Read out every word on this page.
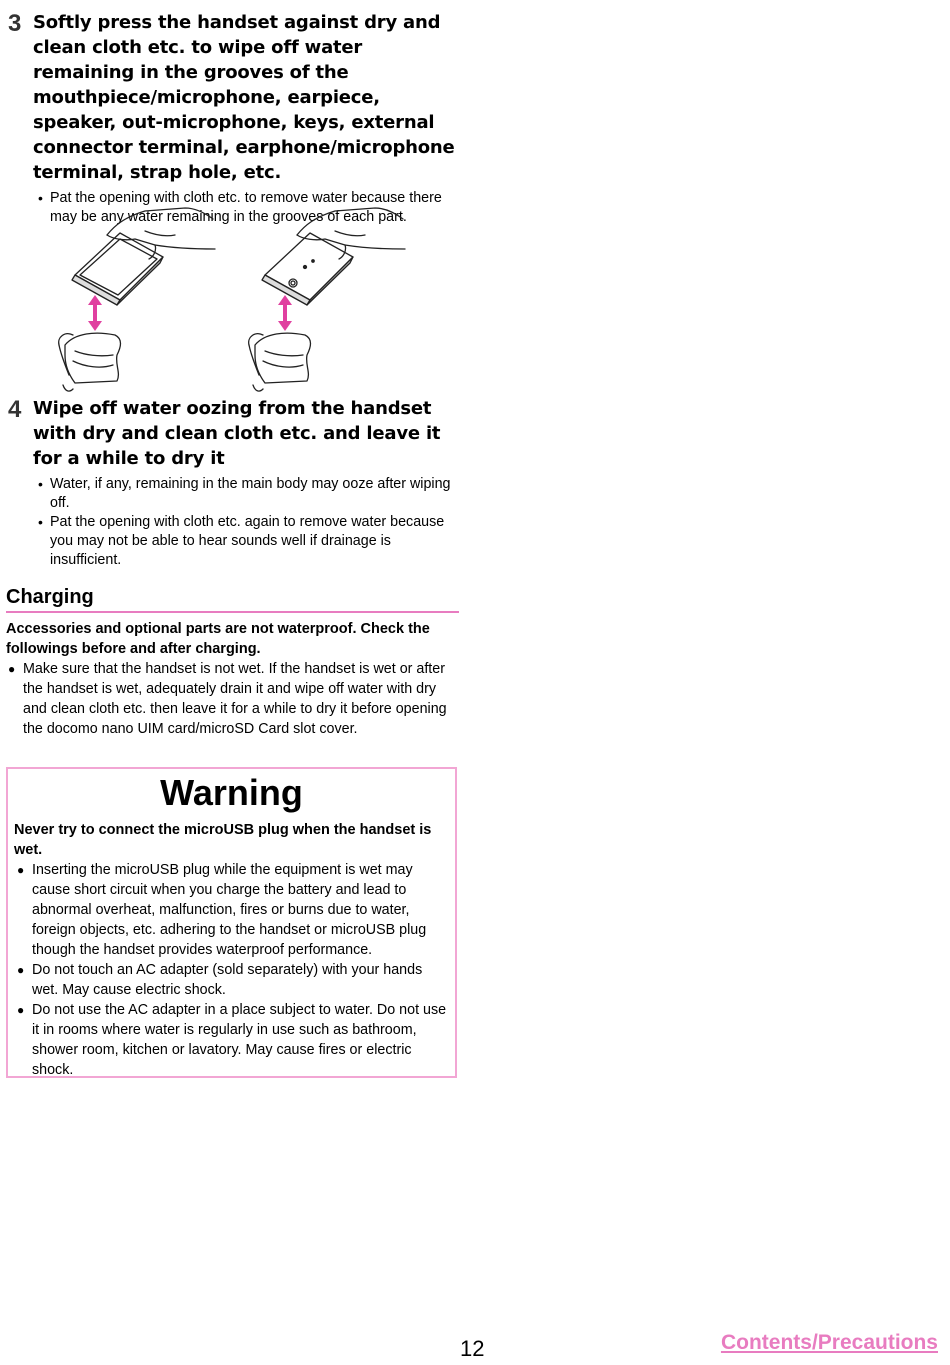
3 Softly press the handset against dry and clean cloth etc. to wipe off water remaining in the grooves of the mouthpiece/microphone, earpiece, speaker, out-microphone, keys, external connector terminal, earphone/microphone terminal, strap hole, etc.
• Pat the opening with cloth etc. to remove water because there may be any water remaining in the grooves of each part.
4 Wipe off water oozing from the handset with dry and clean cloth etc. and leave it for a while to dry it
• Water, if any, remaining in the main body may ooze after wiping off.
• Pat the opening with cloth etc. again to remove water because you may not be able to hear sounds well if drainage is insufficient.
Charging
Accessories and optional parts are not waterproof. Check the followings before and after charging.
● Make sure that the handset is not wet. If the handset is wet or after the handset is wet, adequately drain it and wipe off water with dry and clean cloth etc. then leave it for a while to dry it before opening the docomo nano UIM card/microSD Card slot cover.
Warning
Never try to connect the microUSB plug when the handset is wet.
● Inserting the microUSB plug while the equipment is wet may cause short circuit when you charge the battery and lead to abnormal overheat, malfunction, fires or burns due to water, foreign objects, etc. adhering to the handset or microUSB plug though the handset provides waterproof performance.
● Do not touch an AC adapter (sold separately) with your hands wet. May cause electric shock.
● Do not use the AC adapter in a place subject to water. Do not use it in rooms where water is regularly in use such as bathroom, shower room, kitchen or lavatory. May cause fires or electric shock.
12	Contents/Precautions
